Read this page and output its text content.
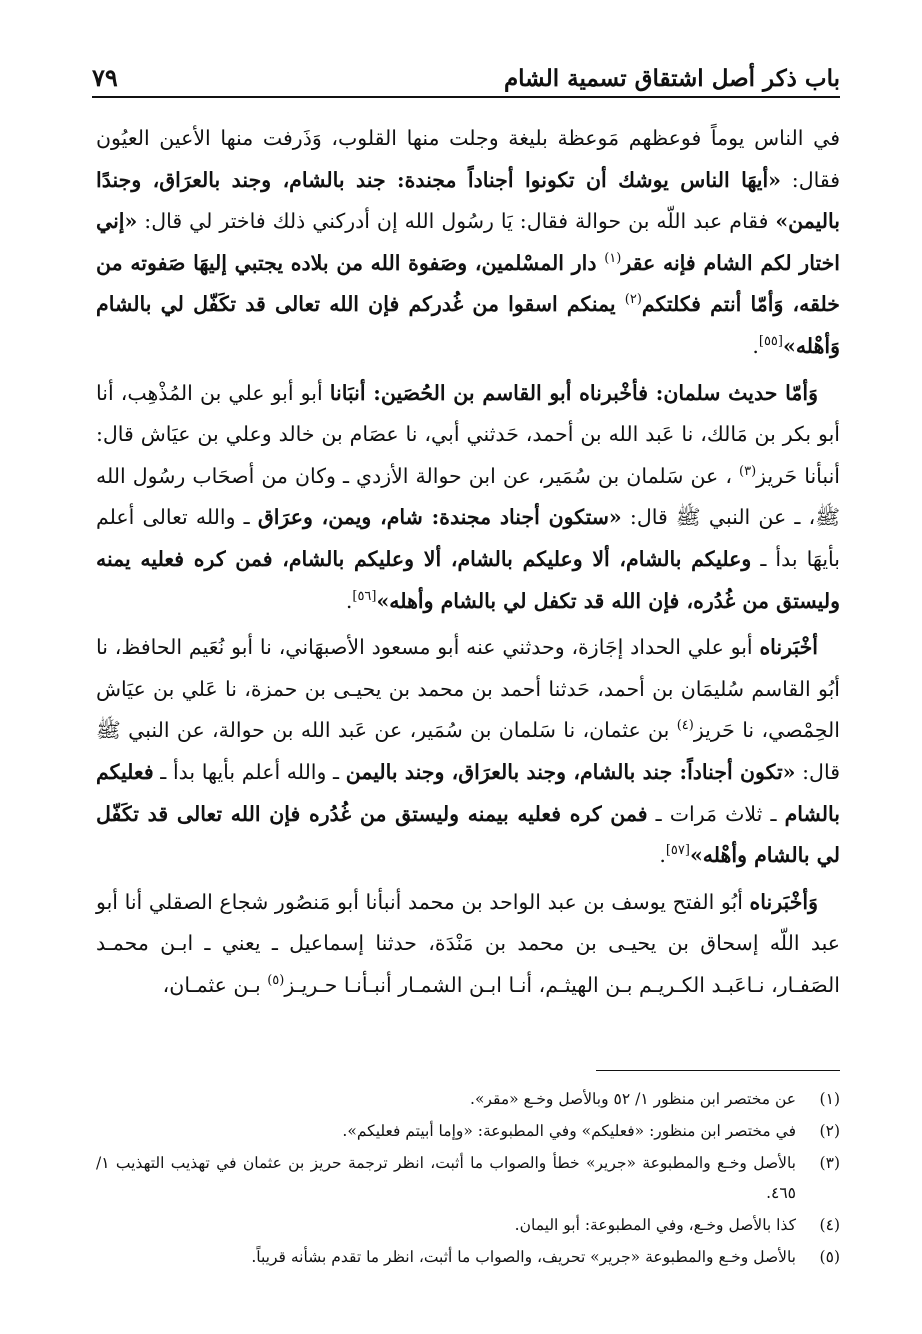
باب ذكر أصل اشتقاق تسمية الشام
٧٩

في الناس يوماً فوعظهم مَوعظة بليغة وجلت منها القلوب، وَذَرفت منها الأعين العيُون فقال: «أيهَا الناس يوشك أن تكونوا أجناداً مجندة: جند بالشام، وجند بالعرَاق، وجندًا باليمن» فقام عبد اللّه بن حوالة فقال: يَا رسُول الله إن أدركني ذلك فاختر لي قال: «إني اختار لكم الشام فإنه عقر$^{(١)}$ دار المسْلمين، وصَفوة الله من بلاده يجتبي إليهَا صَفوته من خلقه، وَأمّا أنتم فكلتكم$^{(٢)}$ يمنكم اسقوا من غُدركم فإن الله تعالى قد تكَفّل لي بالشام وَأهْله»[٥٥].

وَأمّا حديث سلمان: فأخْبرناه أبو القاسم بن الحُصَين: أنبَانا أبو أبو علي بن المُذْهِب، أنا أبو بكر بن مَالك، نا عَبد الله بن أحمد، حَدثني أبي، نا عصَام بن خالد وعلي بن عيَاش قال: أنبأنا حَريز$^{(٣)}$ ، عن سَلمان بن سُمَير، عن ابن حوالة الأزدي ـ وكان من أصحَاب رسُول الله ﷺ، ـ عن النبي ﷺ قال: «ستكون أجناد مجندة: شام، ويمن، وعرَاق ـ والله تعالى أعلم بأيهَا بدأ ـ وعليكم بالشام، ألا وعليكم بالشام، ألا وعليكم بالشام، فمن كره فعليه يمنه وليستق من غُدُره، فإن الله قد تكفل لي بالشام وأهله»[٥٦].

أخْبَرناه أبو علي الحداد إجَازة، وحدثني عنه أبو مسعود الأصبهَاني، نا أبو نُعَيم الحافظ، نا أبُو القاسم سُليمَان بن أحمد، حَدثنا أحمد بن محمد بن يحيـى بن حمزة، نا عَلي بن عيَاش الحِمْصي، نا حَريز$^{(٤)}$ بن عثمان، نا سَلمان بن سُمَير، عن عَبد الله بن حوالة، عن النبي ﷺ قال: «تكون أجناداً: جند بالشام، وجند بالعرَاق، وجند باليمن ـ والله أعلم بأيها بدأ ـ فعليكم بالشام ـ ثلاث مَرات ـ فمن كره فعليه بيمنه وليستق من غُدُره فإن الله تعالى قد تكَفّل لي بالشام وأهْله»[٥٧].

وَأخْبَرناه أبُو الفتح يوسف بن عبد الواحد بن محمد أنبأنا أبو مَنصُور شجاع الصقلي أنا أبو عبد اللّه إسحاق بن يحيـى بن محمد بن مَنْدَة، حدثنا إسماعيل ـ يعني ـ ابـن محمـد الصَفـار، نـاعَبـد الكـريـم بـن الهيثـم، أنـا ابـن الشمـار أنبـأنـا حـريـز$^{(٥)}$ بـن عثمـان،

(١)
عن مختصر ابن منظور ١/ ٥٢ وبالأصل وخـع «مقر».
(٢)
في مختصر ابن منظور: «فعليكم» وفي المطبوعة: «وإما أبيتم فعليكم».
(٣)
بالأصل وخـع والمطبوعة «جرير» خطأ والصواب ما أثبت، انظر ترجمة حريز بن عثمان في تهذيب التهذيب ١/ ٤٦٥.
(٤)
كذا بالأصل وخـع، وفي المطبوعة: أبو اليمان.
(٥)
بالأصل وخـع والمطبوعة «جرير» تحريف، والصواب ما أثبت، انظر ما تقدم بشأنه قريباً.
